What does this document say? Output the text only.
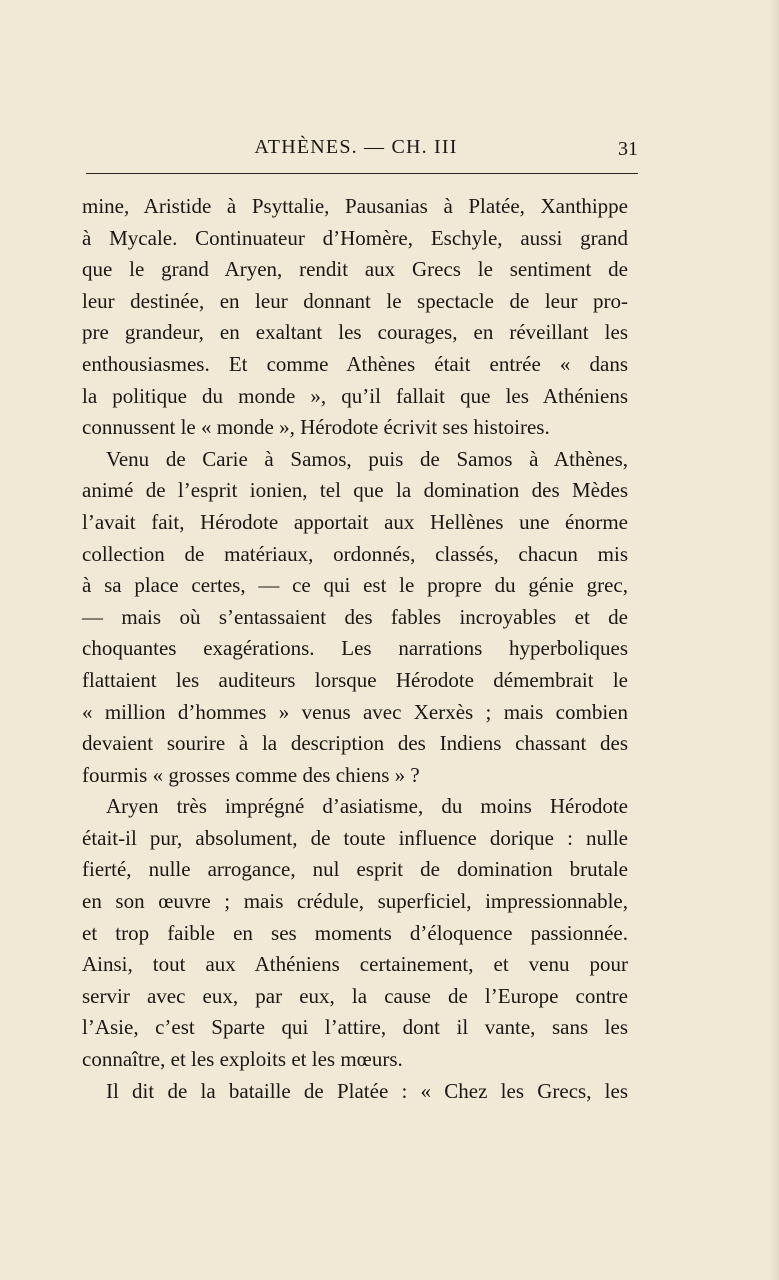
ATHÈNES. — CH. III	31
mine, Aristide à Psyttalie, Pausanias à Platée, Xanthippe
à Mycale. Continuateur d’Homère, Eschyle, aussi grand
que le grand Aryen, rendit aux Grecs le sentiment de
leur destinée, en leur donnant le spectacle de leur pro-
pre grandeur, en exaltant les courages, en réveillant les
enthousiasmes. Et comme Athènes était entrée « dans
la politique du monde », qu’il fallait que les Athéniens
connussent le « monde », Hérodote écrivit ses histoires.
Venu de Carie à Samos, puis de Samos à Athènes,
animé de l’esprit ionien, tel que la domination des Mèdes
l’avait fait, Hérodote apportait aux Hellènes une énorme
collection de matériaux, ordonnés, classés, chacun mis
à sa place certes, — ce qui est le propre du génie grec,
— mais où s’entassaient des fables incroyables et de
choquantes exagérations. Les narrations hyperboliques
flattaient les auditeurs lorsque Hérodote démembrait le
« million d’hommes » venus avec Xerxès ; mais combien
devaient sourire à la description des Indiens chassant des
fourmis « grosses comme des chiens » ?
Aryen très imprégné d’asiatisme, du moins Hérodote
était-il pur, absolument, de toute influence dorique : nulle
fierté, nulle arrogance, nul esprit de domination brutale
en son œuvre ; mais crédule, superficiel, impressionnable,
et trop faible en ses moments d’éloquence passionnée.
Ainsi, tout aux Athéniens certainement, et venu pour
servir avec eux, par eux, la cause de l’Europe contre
l’Asie, c’est Sparte qui l’attire, dont il vante, sans les
connaître, et les exploits et les mœurs.
Il dit de la bataille de Platée : « Chez les Grecs, les
